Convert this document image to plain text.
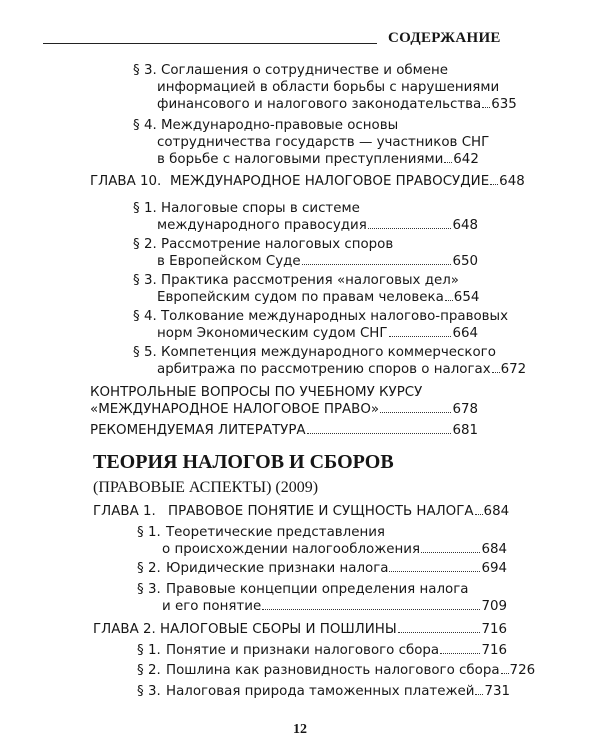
СОДЕРЖАНИЕ
§ 3. Соглашения о сотрудничестве и обмене
информацией в области борьбы с нарушениями
финансового и налогового законодательства 635
§ 4. Международно-правовые основы
сотрудничества государств — участников СНГ
в борьбе с налоговыми преступлениями 642
ГЛАВА 10. МЕЖДУНАРОДНОЕ НАЛОГОВОЕ ПРАВОСУДИЕ 648
§ 1. Налоговые споры в системе
международного правосудия	648
§ 2. Рассмотрение налоговых споров
в Европейском Суде	650
§ 3. Практика рассмотрения «налоговых дел»
Европейским судом по правам человека 654
§ 4. Толкование международных налогово-правовых
норм Экономическим судом СНГ	664
§ 5. Компетенция международного коммерческого
арбитража по рассмотрению споров о налогах 672
КОНТРОЛЬНЫЕ ВОПРОСЫ ПО УЧЕБНОМУ КУРСУ
«МЕЖДУНАРОДНОЕ НАЛОГОВОЕ ПРАВО»	678
РЕКОМЕНДУЕМАЯ ЛИТЕРАТУРА	681
ГЛАВА 1. ПРАВОВОЕ ПОНЯТИЕ И СУЩНОСТЬ НАЛОГА 684
§ 1. Теоретические представления
о происхождении налогообложения	684
§ 2. Юридические признаки налога	694
§ 3. Правовые концепции определения налога
и его понятие	709
ГЛАВА 2. НАЛОГОВЫЕ СБОРЫ И ПОШЛИНЫ	716
§ 1. Понятие и признаки налогового сбора	716
§ 2. Пошлина как разновидность налогового сбора 726
§ 3. Налоговая природа таможенных платежей 731
ТЕОРИЯ НАЛОГОВ И СБОРОВ
(ПРАВОВЫЕ АСПЕКТЫ) (2009)
12
